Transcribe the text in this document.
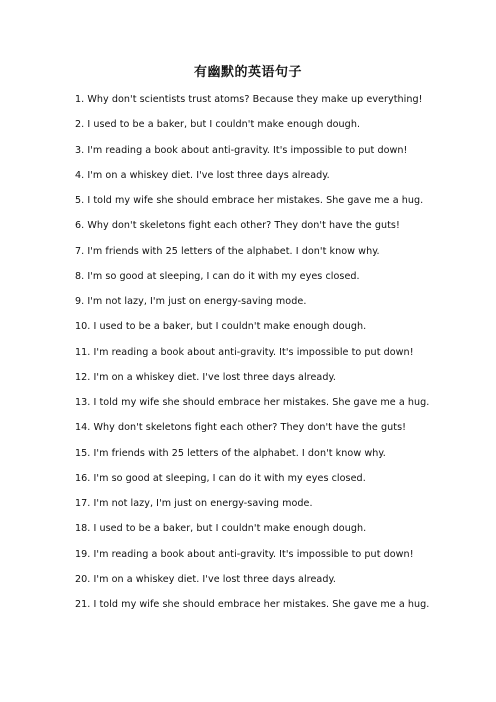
有幽默的英语句子
1. Why don't scientists trust atoms? Because they make up everything!
2. I used to be a baker, but I couldn't make enough dough.
3. I'm reading a book about anti-gravity. It's impossible to put down!
4. I'm on a whiskey diet. I've lost three days already.
5. I told my wife she should embrace her mistakes. She gave me a hug.
6. Why don't skeletons fight each other? They don't have the guts!
7. I'm friends with 25 letters of the alphabet. I don't know why.
8. I'm so good at sleeping, I can do it with my eyes closed.
9. I'm not lazy, I'm just on energy-saving mode.
10. I used to be a baker, but I couldn't make enough dough.
11. I'm reading a book about anti-gravity. It's impossible to put down!
12. I'm on a whiskey diet. I've lost three days already.
13. I told my wife she should embrace her mistakes. She gave me a hug.
14. Why don't skeletons fight each other? They don't have the guts!
15. I'm friends with 25 letters of the alphabet. I don't know why.
16. I'm so good at sleeping, I can do it with my eyes closed.
17. I'm not lazy, I'm just on energy-saving mode.
18. I used to be a baker, but I couldn't make enough dough.
19. I'm reading a book about anti-gravity. It's impossible to put down!
20. I'm on a whiskey diet. I've lost three days already.
21. I told my wife she should embrace her mistakes. She gave me a hug.
